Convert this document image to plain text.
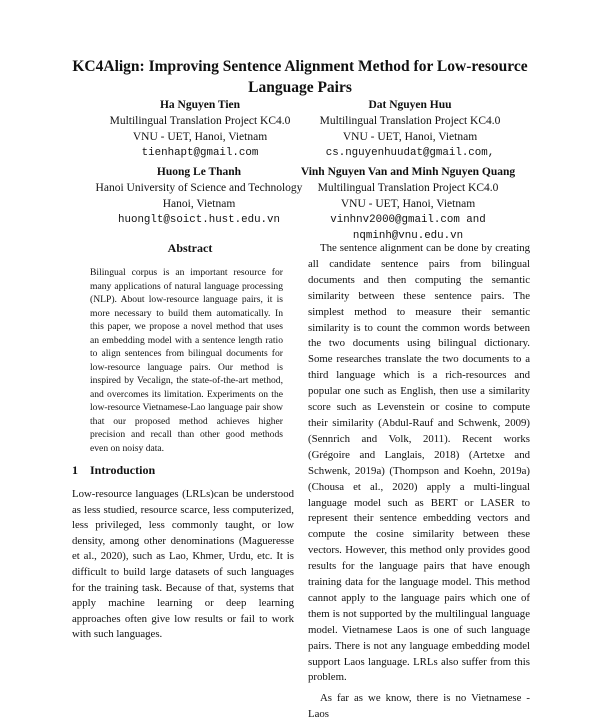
KC4Align: Improving Sentence Alignment Method for Low-resource Language Pairs
Ha Nguyen Tien
Multilingual Translation Project KC4.0
VNU - UET, Hanoi, Vietnam
tienhapt@gmail.com
Dat Nguyen Huu
Multilingual Translation Project KC4.0
VNU - UET, Hanoi, Vietnam
cs.nguyenhuudat@gmail.com,
Huong Le Thanh
Hanoi University of Science and Technology
Hanoi, Vietnam
huonglt@soict.hust.edu.vn
Vinh Nguyen Van and Minh Nguyen Quang
Multilingual Translation Project KC4.0
VNU - UET, Hanoi, Vietnam
vinhnv2000@gmail.com and
nqminh@vnu.edu.vn
Abstract
Bilingual corpus is an important resource for many applications of natural language processing (NLP). About low-resource language pairs, it is more necessary to build them automatically. In this paper, we propose a novel method that uses an embedding model with a sentence length ratio to align sentences from bilingual documents for low-resource language pairs. Our method is inspired by Vecalign, the state-of-the-art method, and overcomes its limitation. Experiments on the low-resource Vietnamese-Lao language pair show that our proposed method achieves higher precision and recall than other good methods even on noisy data.
1 Introduction
Low-resource languages (LRLs)can be understood as less studied, resource scarce, less computerized, less privileged, less commonly taught, or low density, among other denominations (Magueresse et al., 2020), such as Lao, Khmer, Urdu, etc. It is difficult to build large datasets of such languages for the training task. Because of that, systems that apply machine learning or deep learning approaches often give low results or fail to work with such languages.

The sentence alignment can be done by creating all candidate sentence pairs from bilingual documents and then computing the semantic similarity between these sentence pairs. The simplest method to measure their semantic similarity is to count the common words between the two documents using bilingual dictionary. Some researches translate the two documents to a third language which is a rich-resources and popular one such as English, then use a similarity score such as Levenstein or cosine to compute their similarity (Abdul-Rauf and Schwenk, 2009) (Sennrich and Volk, 2011). Recent works (Grégoire and Langlais, 2018) (Artetxe and Schwenk, 2019a) (Thompson and Koehn, 2019a) (Chousa et al., 2020) apply a multi-lingual language model such as BERT or LASER to represent their sentence embedding vectors and compute the cosine similarity between these vectors. However, this method only provides good results for the language pairs that have enough training data for the language model. This method cannot apply to the language pairs which one of them is not supported by the multilingual language model. Vietnamese Laos is one of such language pairs. There is not any language embedding model support Laos language. LRLs also suffer from this problem.

As far as we know, there is no Vietnamese - Laos
